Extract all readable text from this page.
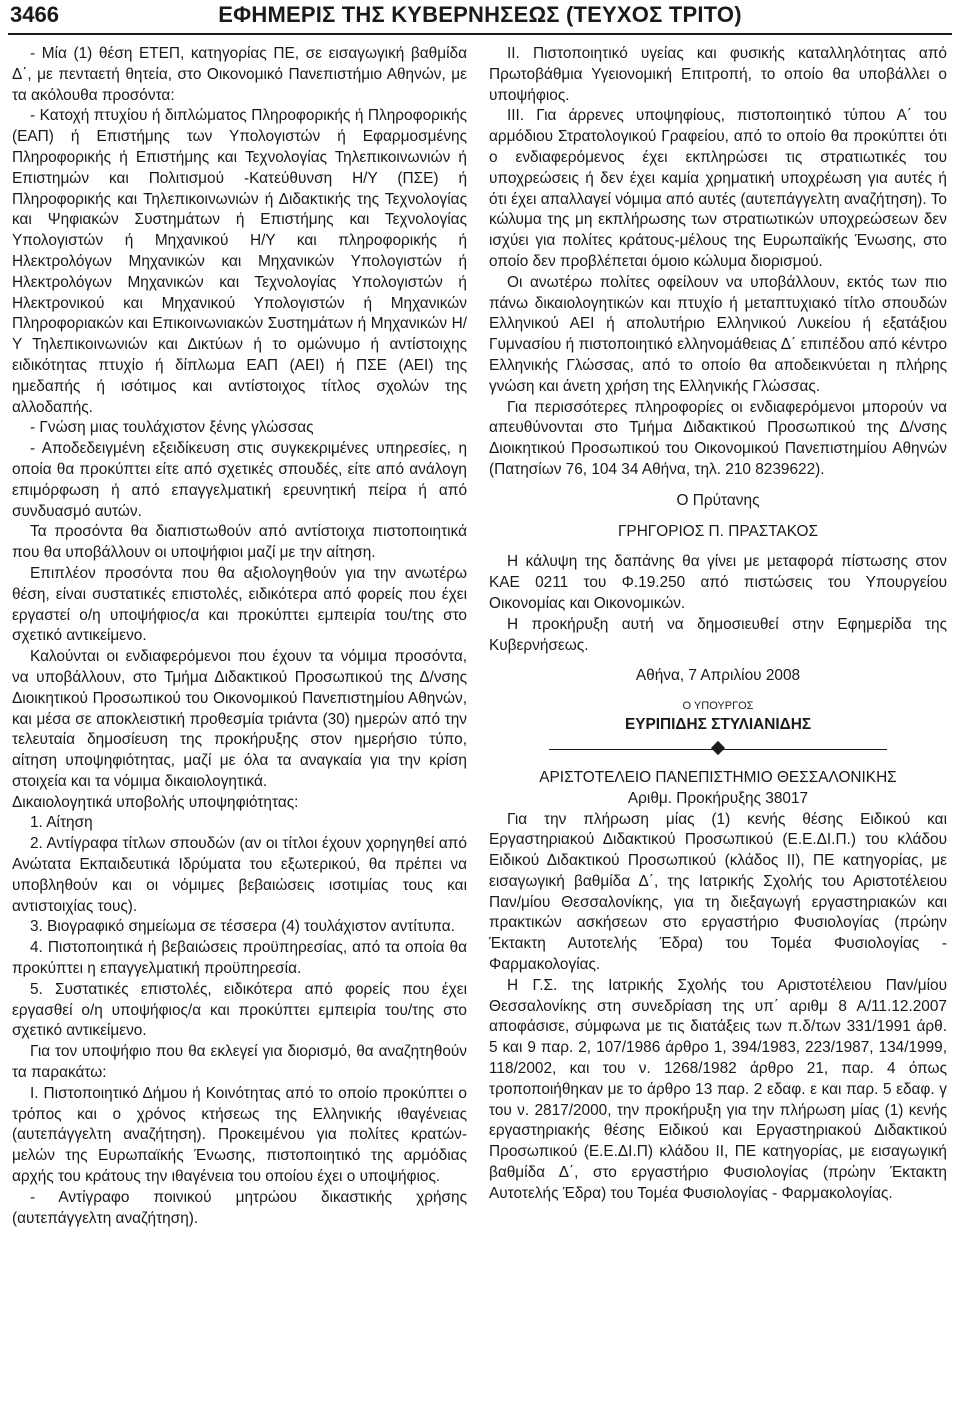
3466	ΕΦΗΜΕΡΙΣ ΤΗΣ ΚΥΒΕΡΝΗΣΕΩΣ (ΤΕΥΧΟΣ ΤΡΙΤΟ)

- Μία (1) θέση ΕΤΕΠ, κατηγορίας ΠΕ, σε εισαγωγική βαθμίδα Δ΄, με πενταετή θητεία, στο Οικονομικό Πανεπιστήμιο Αθηνών, με τα ακόλουθα προσόντα:

- Κατοχή πτυχίου ή διπλώματος Πληροφορικής ή Πληροφορικής (ΕΑΠ) ή Επιστήμης των Υπολογιστών ή Εφαρμοσμένης Πληροφορικής ή Επιστήμης και Τεχνολογίας Τηλεπικοινωνιών ή Επιστημών και Πολιτισμού -Κατεύθυνση Η/Υ (ΠΣΕ) ή Πληροφορικής και Τηλεπικοινωνιών ή Διδακτικής της Τεχνολογίας και Ψηφιακών Συστημάτων ή Επιστήμης και Τεχνολογίας Υπολογιστών ή Μηχανικού Η/Υ και πληροφορικής ή Ηλεκτρολόγων Μηχανικών και Μηχανικών Υπολογιστών ή Ηλεκτρολόγων Μηχανικών και Τεχνολογίας Υπολογιστών ή Ηλεκτρονικού και Μηχανικού Υπολογιστών ή Μηχανικών Πληροφοριακών και Επικοινωνιακών Συστημάτων ή Μηχανικών Η/Υ Τηλεπικοινωνιών και Δικτύων ή το ομώνυμο ή αντίστοιχης ειδικότητας πτυχίο ή δίπλωμα ΕΑΠ (ΑΕΙ) ή ΠΣΕ (ΑΕΙ) της ημεδαπής ή ισότιμος και αντίστοιχος τίτλος σχολών της αλλοδαπής.

- Γνώση μιας τουλάχιστον ξένης γλώσσας

- Αποδεδειγμένη εξειδίκευση στις συγκεκριμένες υπηρεσίες, η οποία θα προκύπτει είτε από σχετικές σπουδές, είτε από ανάλογη επιμόρφωση ή από επαγγελματική ερευνητική πείρα ή από συνδυασμό αυτών.

Τα προσόντα θα διαπιστωθούν από αντίστοιχα πιστοποιητικά που θα υποβάλλουν οι υποψήφιοι μαζί με την αίτηση.

Επιπλέον προσόντα που θα αξιολογηθούν για την ανωτέρω θέση, είναι συστατικές επιστολές, ειδικότερα από φορείς που έχει εργαστεί ο/η υποψήφιος/α και προκύπτει εμπειρία του/της στο σχετικό αντικείμενο.

Καλούνται οι ενδιαφερόμενοι που έχουν τα νόμιμα προσόντα, να υποβάλλουν, στο Τμήμα Διδακτικού Προσωπικού της Δ/νσης Διοικητικού Προσωπικού του Οικονομικού Πανεπιστημίου Αθηνών, και μέσα σε αποκλειστική προθεσμία τριάντα (30) ημερών από την τελευταία δημοσίευση της προκήρυξης στον ημερήσιο τύπο, αίτηση υποψηφιότητας, μαζί με όλα τα αναγκαία για την κρίση στοιχεία και τα νόμιμα δικαιολογητικά.

Δικαιολογητικά υποβολής υποψηφιότητας:

1. Αίτηση

2. Αντίγραφα τίτλων σπουδών (αν οι τίτλοι έχουν χορηγηθεί από Ανώτατα Εκπαιδευτικά Ιδρύματα του εξωτερικού, θα πρέπει να υποβληθούν και οι νόμιμες βεβαιώσεις ισοτιμίας τους και αντιστοιχίας τους).

3. Βιογραφικό σημείωμα σε τέσσερα (4) τουλάχιστον αντίτυπα.

4. Πιστοποιητικά ή βεβαιώσεις προϋπηρεσίας, από τα οποία θα προκύπτει η επαγγελματική προϋπηρεσία.

5. Συστατικές επιστολές, ειδικότερα από φορείς που έχει εργασθεί ο/η υποψήφιος/α και προκύπτει εμπειρία του/της στο σχετικό αντικείμενο.

Για τον υποψήφιο που θα εκλεγεί για διορισμό, θα αναζητηθούν τα παρακάτω:

Ι. Πιστοποιητικό Δήμου ή Κοινότητας από το οποίο προκύπτει ο τρόπος και ο χρόνος κτήσεως της Ελληνικής ιθαγένειας (αυτεπάγγελτη αναζήτηση). Προκειμένου για πολίτες κρατών-μελών της Ευρωπαϊκής Ένωσης, πιστοποιητικό της αρμόδιας αρχής του κράτους την ιθαγένεια του οποίου έχει ο υποψήφιος.

- Αντίγραφο ποινικού μητρώου δικαστικής χρήσης (αυτεπάγγελτη αναζήτηση).

ΙΙ. Πιστοποιητικό υγείας και φυσικής καταλληλότητας από Πρωτοβάθμια Υγειονομική Επιτροπή, το οποίο θα υποβάλλει ο υποψήφιος.

ΙΙΙ. Για άρρενες υποψηφίους, πιστοποιητικό τύπου Α΄ του αρμόδιου Στρατολογικού Γραφείου, από το οποίο θα προκύπτει ότι ο ενδιαφερόμενος έχει εκπληρώσει τις στρατιωτικές του υποχρεώσεις ή δεν έχει καμία χρηματική υποχρέωση για αυτές ή ότι έχει απαλλαγεί νόμιμα από αυτές (αυτεπάγγελτη αναζήτηση). Το κώλυμα της μη εκπλήρωσης των στρατιωτικών υποχρεώσεων δεν ισχύει για πολίτες κράτους-μέλους της Ευρωπαϊκής Ένωσης, στο οποίο δεν προβλέπεται όμοιο κώλυμα διορισμού.

Οι ανωτέρω πολίτες οφείλουν να υποβάλλουν, εκτός των πιο πάνω δικαιολογητικών και πτυχίο ή μεταπτυχιακό τίτλο σπουδών Ελληνικού ΑΕΙ ή απολυτήριο Ελληνικού Λυκείου ή εξατάξιου Γυμνασίου ή πιστοποιητικό ελληνομάθειας Δ΄ επιπέδου από κέντρο Ελληνικής Γλώσσας, από το οποίο θα αποδεικνύεται η πλήρης γνώση και άνετη χρήση της Ελληνικής Γλώσσας.

Για περισσότερες πληροφορίες οι ενδιαφερόμενοι μπορούν να απευθύνονται στο Τμήμα Διδακτικού Προσωπικού της Δ/νσης Διοικητικού Προσωπικού του Οικονομικού Πανεπιστημίου Αθηνών (Πατησίων 76, 104 34 Αθήνα, τηλ. 210 8239622).

Ο Πρύτανης

ΓΡΗΓΟΡΙΟΣ Π. ΠΡΑΣΤΑΚΟΣ

Η κάλυψη της δαπάνης θα γίνει με μεταφορά πίστωσης στον ΚΑΕ 0211 του Φ.19.250 από πιστώσεις του Υπουργείου Οικονομίας και Οικονομικών.

Η προκήρυξη αυτή να δημοσιευθεί στην Εφημερίδα της Κυβερνήσεως.

Αθήνα, 7 Απριλίου 2008

Ο ΥΠΟΥΡΓΟΣ

ΕΥΡΙΠΙΔΗΣ ΣΤΥΛΙΑΝΙΔΗΣ

ΑΡΙΣΤΟΤΕΛΕΙΟ ΠΑΝΕΠΙΣΤΗΜΙΟ ΘΕΣΣΑΛΟΝΙΚΗΣ

Αριθμ. Προκήρυξης 38017

Για την πλήρωση μίας (1) κενής θέσης Ειδικού και Εργαστηριακού Διδακτικού Προσωπικού (Ε.Ε.ΔΙ.Π.) του κλάδου Ειδικού Διδακτικού Προσωπικού (κλάδος ΙΙ), ΠΕ κατηγορίας, με εισαγωγική βαθμίδα Δ΄, της Ιατρικής Σχολής του Αριστοτέλειου Παν/μίου Θεσσαλονίκης, για τη διεξαγωγή εργαστηριακών και πρακτικών ασκήσεων στο εργαστήριο Φυσιολογίας (πρώην Έκτακτη Αυτοτελής Έδρα) του Τομέα Φυσιολογίας - Φαρμακολογίας.

Η Γ.Σ. της Ιατρικής Σχολής του Αριστοτέλειου Παν/μίου Θεσσαλονίκης στη συνεδρίαση της υπ΄ αριθμ 8 Α/11.12.2007 αποφάσισε, σύμφωνα με τις διατάξεις των π.δ/των 331/1991 άρθ. 5 και 9 παρ. 2, 107/1986 άρθρο 1, 394/1983, 223/1987, 134/1999, 118/2002, και του ν. 1268/1982 άρθρο 21, παρ. 4 όπως τροποποιήθηκαν με το άρθρο 13 παρ. 2 εδαφ. ε και παρ. 5 εδαφ. γ του ν. 2817/2000, την προκήρυξη για την πλήρωση μίας (1) κενής εργαστηριακής θέσης Ειδικού και Εργαστηριακού Διδακτικού Προσωπικού (Ε.Ε.ΔΙ.Π) κλάδου ΙΙ, ΠΕ κατηγορίας, με εισαγωγική βαθμίδα Δ΄, στο εργαστήριο Φυσιολογίας (πρώην Έκτακτη Αυτοτελής Έδρα) του Τομέα Φυσιολογίας - Φαρμακολογίας.
